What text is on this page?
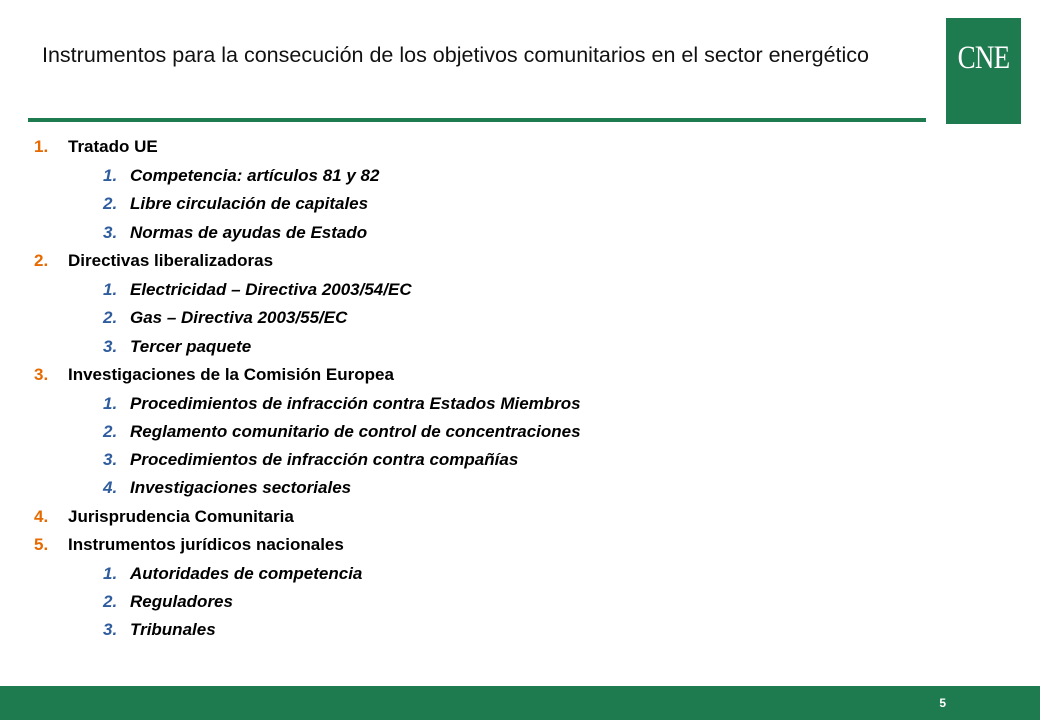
Instrumentos para la consecución de los objetivos comunitarios en el sector energético	CNE
1. Tratado UE
1. Competencia: artículos 81 y 82
2. Libre circulación de capitales
3. Normas de ayudas de Estado
2. Directivas liberalizadoras
1. Electricidad – Directiva 2003/54/EC
2. Gas – Directiva 2003/55/EC
3. Tercer paquete
3. Investigaciones de la Comisión Europea
1. Procedimientos de infracción contra Estados Miembros
2. Reglamento comunitario de control de concentraciones
3. Procedimientos de infracción contra compañías
4. Investigaciones sectoriales
4. Jurisprudencia Comunitaria
5. Instrumentos jurídicos nacionales
1. Autoridades de competencia
2. Reguladores
3. Tribunales
5
